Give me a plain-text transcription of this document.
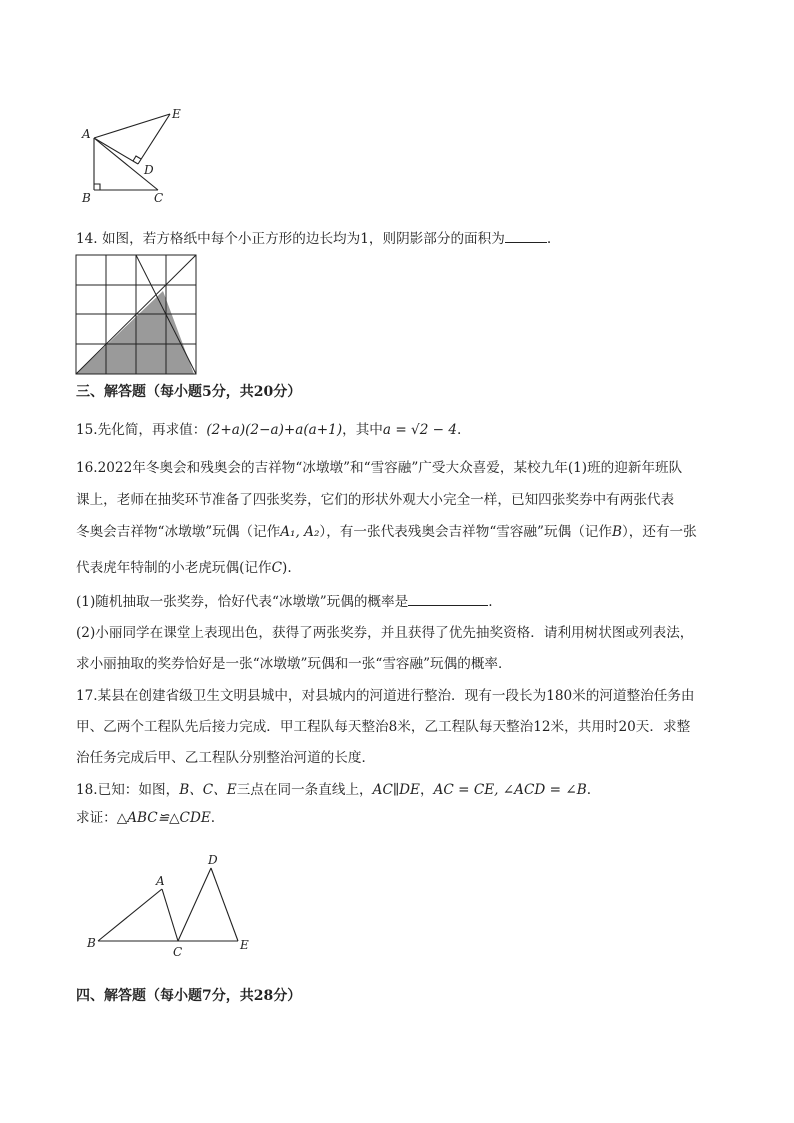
A
E
D
B	C
14. 如图，若方格纸中每个小正方形的边长均为1，则阴影部分的面积为	.
三、解答题（每小题5分，共20分）
15.先化简，再求值：(2+a)(2−a)+a(a+1)，其中a = √2 − 4.
16.2022年冬奥会和残奥会的吉祥物“冰墩墩”和“雪容融”广受大众喜爱，某校九年(1)班的迎新年班队
课上，老师在抽奖环节准备了四张奖券，它们的形状外观大小完全一样，已知四张奖券中有两张代表
冬奥会吉祥物“冰墩墩”玩偶（记作A₁, A₂），有一张代表残奥会吉祥物“雪容融”玩偶（记作B），还有一张
代表虎年特制的小老虎玩偶(记作C).
(1)随机抽取一张奖券，恰好代表“冰墩墩”玩偶的概率是	.
(2)小丽同学在课堂上表现出色，获得了两张奖券，并且获得了优先抽奖资格．请利用树状图或列表法，
求小丽抽取的奖券恰好是一张“冰墩墩”玩偶和一张“雪容融”玩偶的概率．
17.某县在创建省级卫生文明县城中，对县城内的河道进行整治．现有一段长为180米的河道整治任务由
甲、乙两个工程队先后接力完成．甲工程队每天整治8米，乙工程队每天整治12米，共用时20天．求整
治任务完成后甲、乙工程队分别整治河道的长度．
18.已知：如图，B、C、E三点在同一条直线上，AC∥DE，AC = CE, ∠ACD = ∠B.
求证：△ABC≌△CDE.
A
D
B
C	E
四、解答题（每小题7分，共28分）
